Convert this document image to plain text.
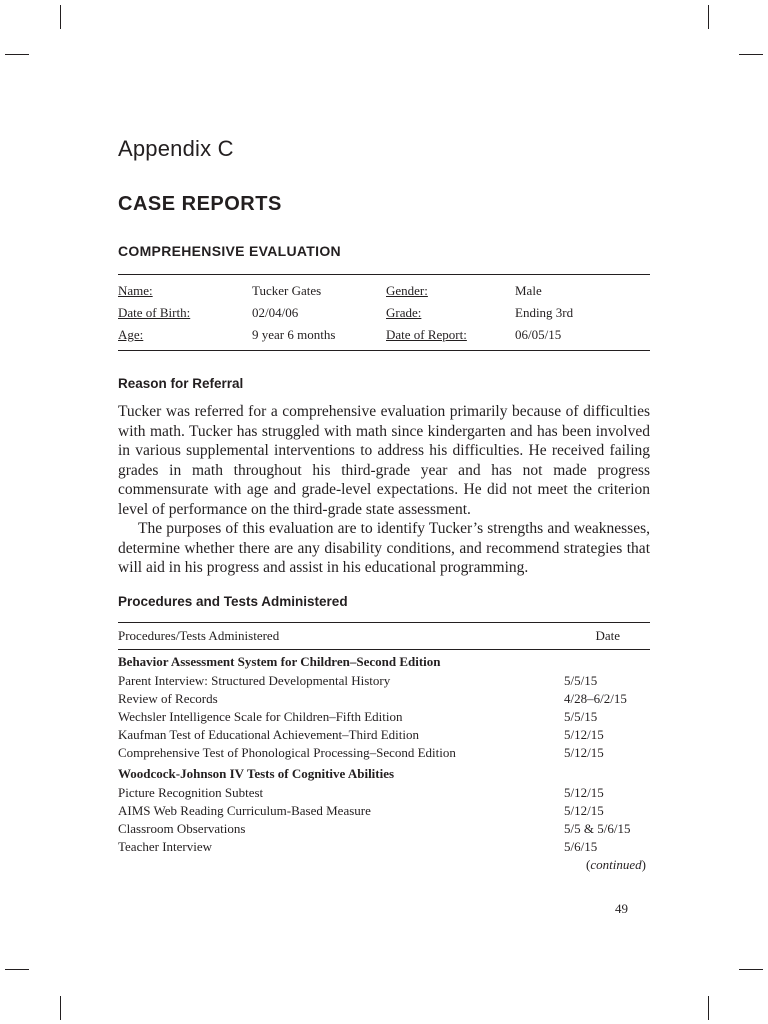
Appendix C
CASE REPORTS
COMPREHENSIVE EVALUATION
Name:	Tucker Gates	Gender:	Male
Date of Birth:	02/04/06	Grade:	Ending 3rd
Age:	9 year 6 months	Date of Report:	06/05/15
Reason for Referral

Tucker was referred for a comprehensive evaluation primarily because of difficulties with math. Tucker has struggled with math since kindergarten and has been involved in various supplemental interventions to address his difficulties. He received failing grades in math throughout his third-grade year and has not made progress commensurate with age and grade-level expectations. He did not meet the criterion level of performance on the third-grade state assessment.

The purposes of this evaluation are to identify Tucker’s strengths and weaknesses, determine whether there are any disability conditions, and recommend strategies that will aid in his progress and assist in his educational programming.

Procedures and Tests Administered
Procedures/Tests Administered	Date
Behavior Assessment System for Children–Second Edition
Parent Interview: Structured Developmental History	5/5/15
Review of Records	4/28–6/2/15
Wechsler Intelligence Scale for Children–Fifth Edition	5/5/15
Kaufman Test of Educational Achievement–Third Edition	5/12/15
Comprehensive Test of Phonological Processing–Second Edition	5/12/15
Woodcock-Johnson IV Tests of Cognitive Abilities
Picture Recognition Subtest	5/12/15
AIMS Web Reading Curriculum-Based Measure	5/12/15
Classroom Observations	5/5 & 5/6/15
Teacher Interview	5/6/15
(continued)
49
